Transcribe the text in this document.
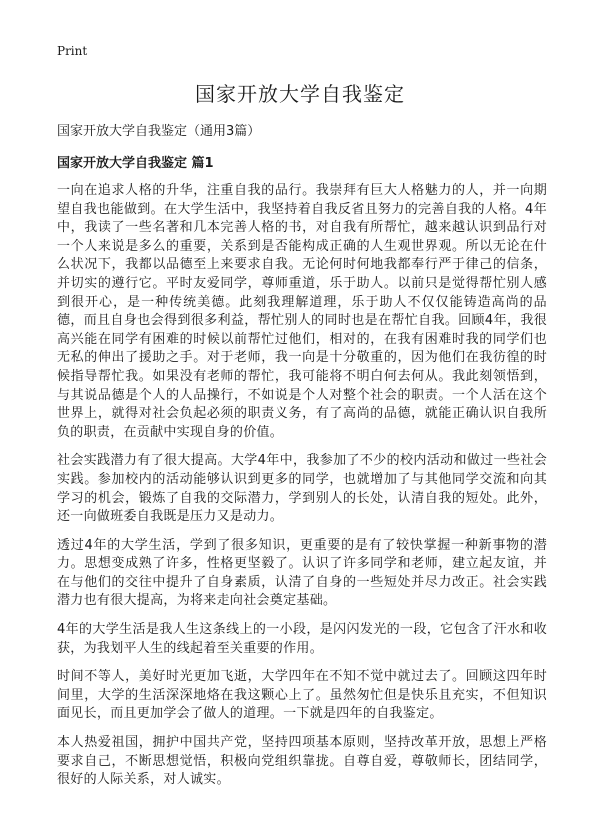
Print
国家开放大学自我鉴定
国家开放大学自我鉴定（通用3篇）
国家开放大学自我鉴定 篇1

一向在追求人格的升华，注重自我的品行。我崇拜有巨大人格魅力的人，并一向期望自我也能做到。在大学生活中，我坚持着自我反省且努力的完善自我的人格。4年中，我读了一些名著和几本完善人格的书，对自我有所帮忙，越来越认识到品行对一个人来说是多么的重要，关系到是否能构成正确的人生观世界观。所以无论在什么状况下，我都以品德至上来要求自我。无论何时何地我都奉行严于律己的信条，并切实的遵行它。平时友爱同学，尊师重道，乐于助人。以前只是觉得帮忙别人感到很开心，是一种传统美德。此刻我理解道理，乐于助人不仅仅能铸造高尚的品德，而且自身也会得到很多利益，帮忙别人的同时也是在帮忙自我。回顾4年，我很高兴能在同学有困难的时候以前帮忙过他们，相对的，在我有困难时我的同学们也无私的伸出了援助之手。对于老师，我一向是十分敬重的，因为他们在我彷徨的时候指导帮忙我。如果没有老师的帮忙，我可能将不明白何去何从。我此刻领悟到，与其说品德是个人的人品操行，不如说是个人对整个社会的职责。一个人活在这个世界上，就得对社会负起必须的职责义务，有了高尚的品德，就能正确认识自我所负的职责，在贡献中实现自身的价值。

社会实践潜力有了很大提高。大学4年中，我参加了不少的校内活动和做过一些社会实践。参加校内的活动能够认识到更多的同学，也就增加了与其他同学交流和向其学习的机会，锻炼了自我的交际潜力，学到别人的长处，认清自我的短处。此外，还一向做班委自我既是压力又是动力。

透过4年的大学生活，学到了很多知识，更重要的是有了较快掌握一种新事物的潜力。思想变成熟了许多，性格更坚毅了。认识了许多同学和老师，建立起友谊，并在与他们的交往中提升了自身素质，认清了自身的一些短处并尽力改正。社会实践潜力也有很大提高，为将来走向社会奠定基础。

4年的大学生活是我人生这条线上的一小段，是闪闪发光的一段，它包含了汗水和收获，为我划平人生的线起着至关重要的作用。

时间不等人，美好时光更加飞逝，大学四年在不知不觉中就过去了。回顾这四年时间里，大学的生活深深地烙在我这颗心上了。虽然匆忙但是快乐且充实，不但知识面见长，而且更加学会了做人的道理。一下就是四年的自我鉴定。

本人热爱祖国，拥护中国共产党，坚持四项基本原则，坚持改革开放，思想上严格要求自己，不断思想觉悟，积极向党组织靠拢。自尊自爱，尊敬师长，团结同学，很好的人际关系，对人诚实。
